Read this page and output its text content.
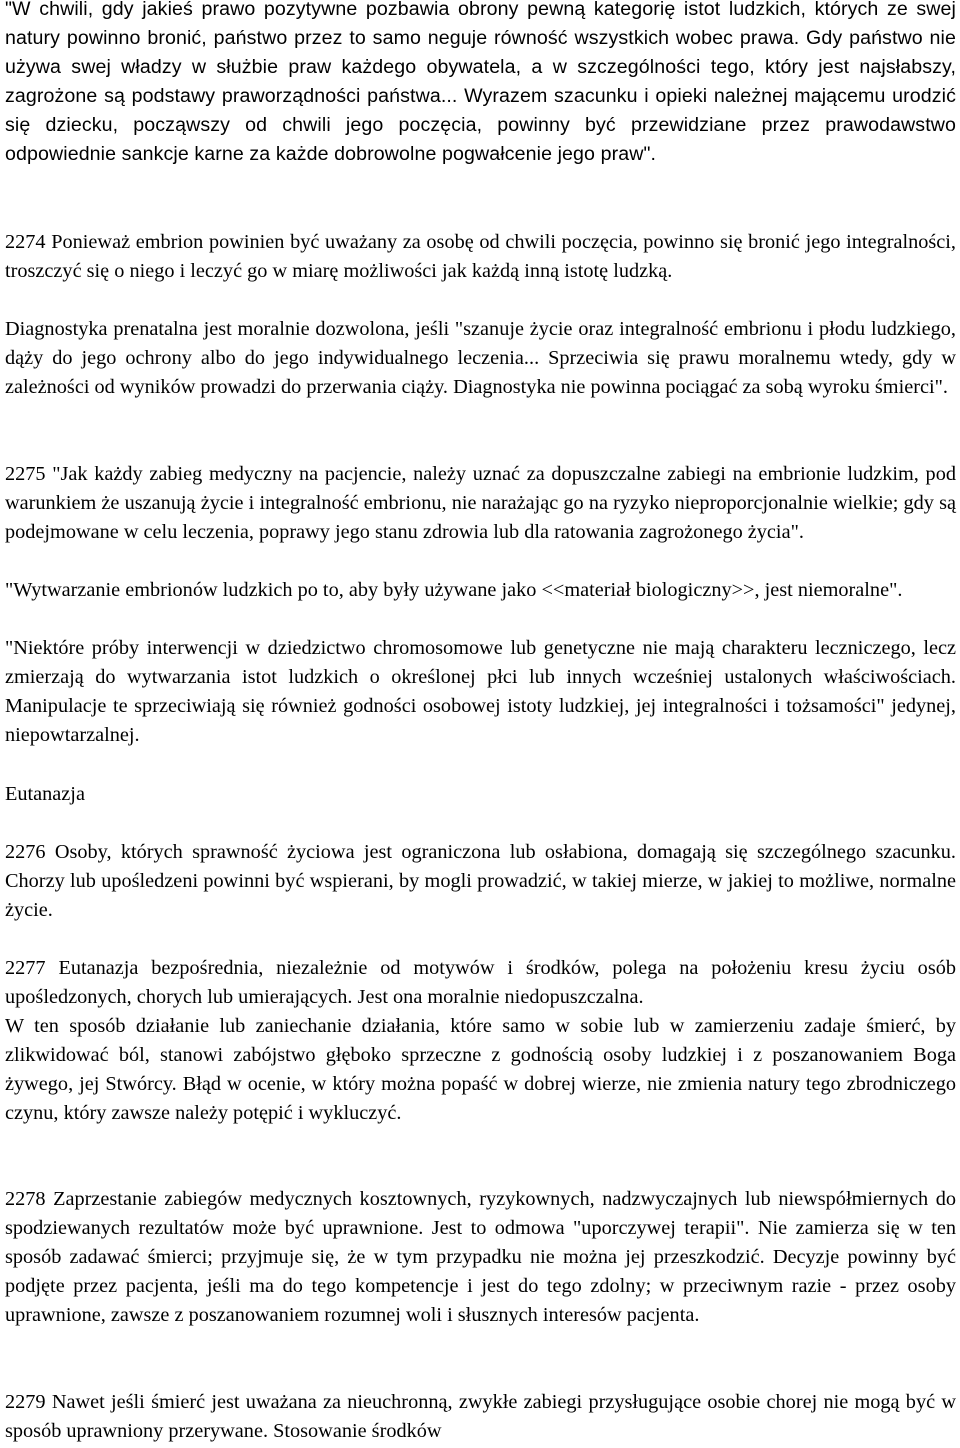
"W chwili, gdy jakieś prawo pozytywne pozbawia obrony pewną kategorię istot ludzkich, których ze swej natury powinno bronić, państwo przez to samo neguje równość wszystkich wobec prawa. Gdy państwo nie używa swej władzy w służbie praw każdego obywatela, a w szczególności tego, który jest najsłabszy, zagrożone są podstawy praworządności państwa... Wyrazem szacunku i opieki należnej mającemu urodzić się dziecku, począwszy od chwili jego poczęcia, powinny być przewidziane przez prawodawstwo odpowiednie sankcje karne za każde dobrowolne pogwałcenie jego praw".

2274 Ponieważ embrion powinien być uważany za osobę od chwili poczęcia, powinno się bronić jego integralności, troszczyć się o niego i leczyć go w miarę możliwości jak każdą inną istotę ludzką.

Diagnostyka prenatalna jest moralnie dozwolona, jeśli "szanuje życie oraz integralność embrionu i płodu ludzkiego, dąży do jego ochrony albo do jego indywidualnego leczenia... Sprzeciwia się prawu moralnemu wtedy, gdy w zależności od wyników prowadzi do przerwania ciąży. Diagnostyka nie powinna pociągać za sobą wyroku śmierci".

2275 "Jak każdy zabieg medyczny na pacjencie, należy uznać za dopuszczalne zabiegi na embrionie ludzkim, pod warunkiem że uszanują życie i integralność embrionu, nie narażając go na ryzyko nieproporcjonalnie wielkie; gdy są podejmowane w celu leczenia, poprawy jego stanu zdrowia lub dla ratowania zagrożonego życia".

"Wytwarzanie embrionów ludzkich po to, aby były używane jako <<materiał biologiczny>>, jest niemoralne".

"Niektóre próby interwencji w dziedzictwo chromosomowe lub genetyczne nie mają charakteru leczniczego, lecz zmierzają do wytwarzania istot ludzkich o określonej płci lub innych wcześniej ustalonych właściwościach. Manipulacje te sprzeciwiają się również godności osobowej istoty ludzkiej, jej integralności i tożsamości" jedynej, niepowtarzalnej.

Eutanazja

2276 Osoby, których sprawność życiowa jest ograniczona lub osłabiona, domagają się szczególnego szacunku. Chorzy lub upośledzeni powinni być wspierani, by mogli prowadzić, w takiej mierze, w jakiej to możliwe, normalne życie.

2277 Eutanazja bezpośrednia, niezależnie od motywów i środków, polega na położeniu kresu życiu osób upośledzonych, chorych lub umierających. Jest ona moralnie niedopuszczalna.

W ten sposób działanie lub zaniechanie działania, które samo w sobie lub w zamierzeniu zadaje śmierć, by zlikwidować ból, stanowi zabójstwo głęboko sprzeczne z godnością osoby ludzkiej i z poszanowaniem Boga żywego, jej Stwórcy. Błąd w ocenie, w który można popaść w dobrej wierze, nie zmienia natury tego zbrodniczego czynu, który zawsze należy potępić i wykluczyć.

2278 Zaprzestanie zabiegów medycznych kosztownych, ryzykownych, nadzwyczajnych lub niewspółmiernych do spodziewanych rezultatów może być uprawnione. Jest to odmowa "uporczywej terapii". Nie zamierza się w ten sposób zadawać śmierci; przyjmuje się, że w tym przypadku nie można jej przeszkodzić. Decyzje powinny być podjęte przez pacjenta, jeśli ma do tego kompetencje i jest do tego zdolny; w przeciwnym razie - przez osoby uprawnione, zawsze z poszanowaniem rozumnej woli i słusznych interesów pacjenta.

2279 Nawet jeśli śmierć jest uważana za nieuchronną, zwykłe zabiegi przysługujące osobie chorej nie mogą być w sposób uprawniony przerywane. Stosowanie środków
